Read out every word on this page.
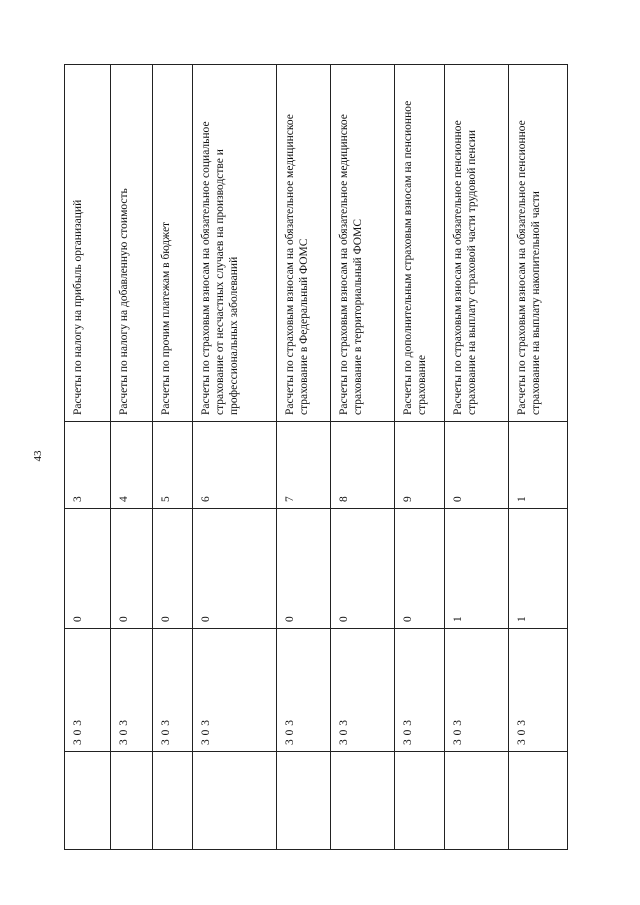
43
	3 0 3	0	3	Расчеты по налогу на прибыль организаций
	3 0 3	0	4	Расчеты по налогу на добавленную стоимость
	3 0 3	0	5	Расчеты по прочим платежам в бюджет
	3 0 3	0	6	Расчеты по страховым взносам на обязательное социальное страхование от несчастных случаев на производстве и профессиональных заболеваний
	3 0 3	0	7	Расчеты по страховым взносам на обязательное медицинское страхование в Федеральный ФОМС
	3 0 3	0	8	Расчеты по страховым взносам на обязательное медицинское страхование в территориальный ФОМС
	3 0 3	0	9	Расчеты по дополнительным страховым взносам на пенсионное страхование
	3 0 3	1	0	Расчеты по страховым взносам на обязательное пенсионное страхование на выплату страховой части трудовой пенсии
	3 0 3	1	1	Расчеты по страховым взносам на обязательное пенсионное страхование на выплату накопительной части
